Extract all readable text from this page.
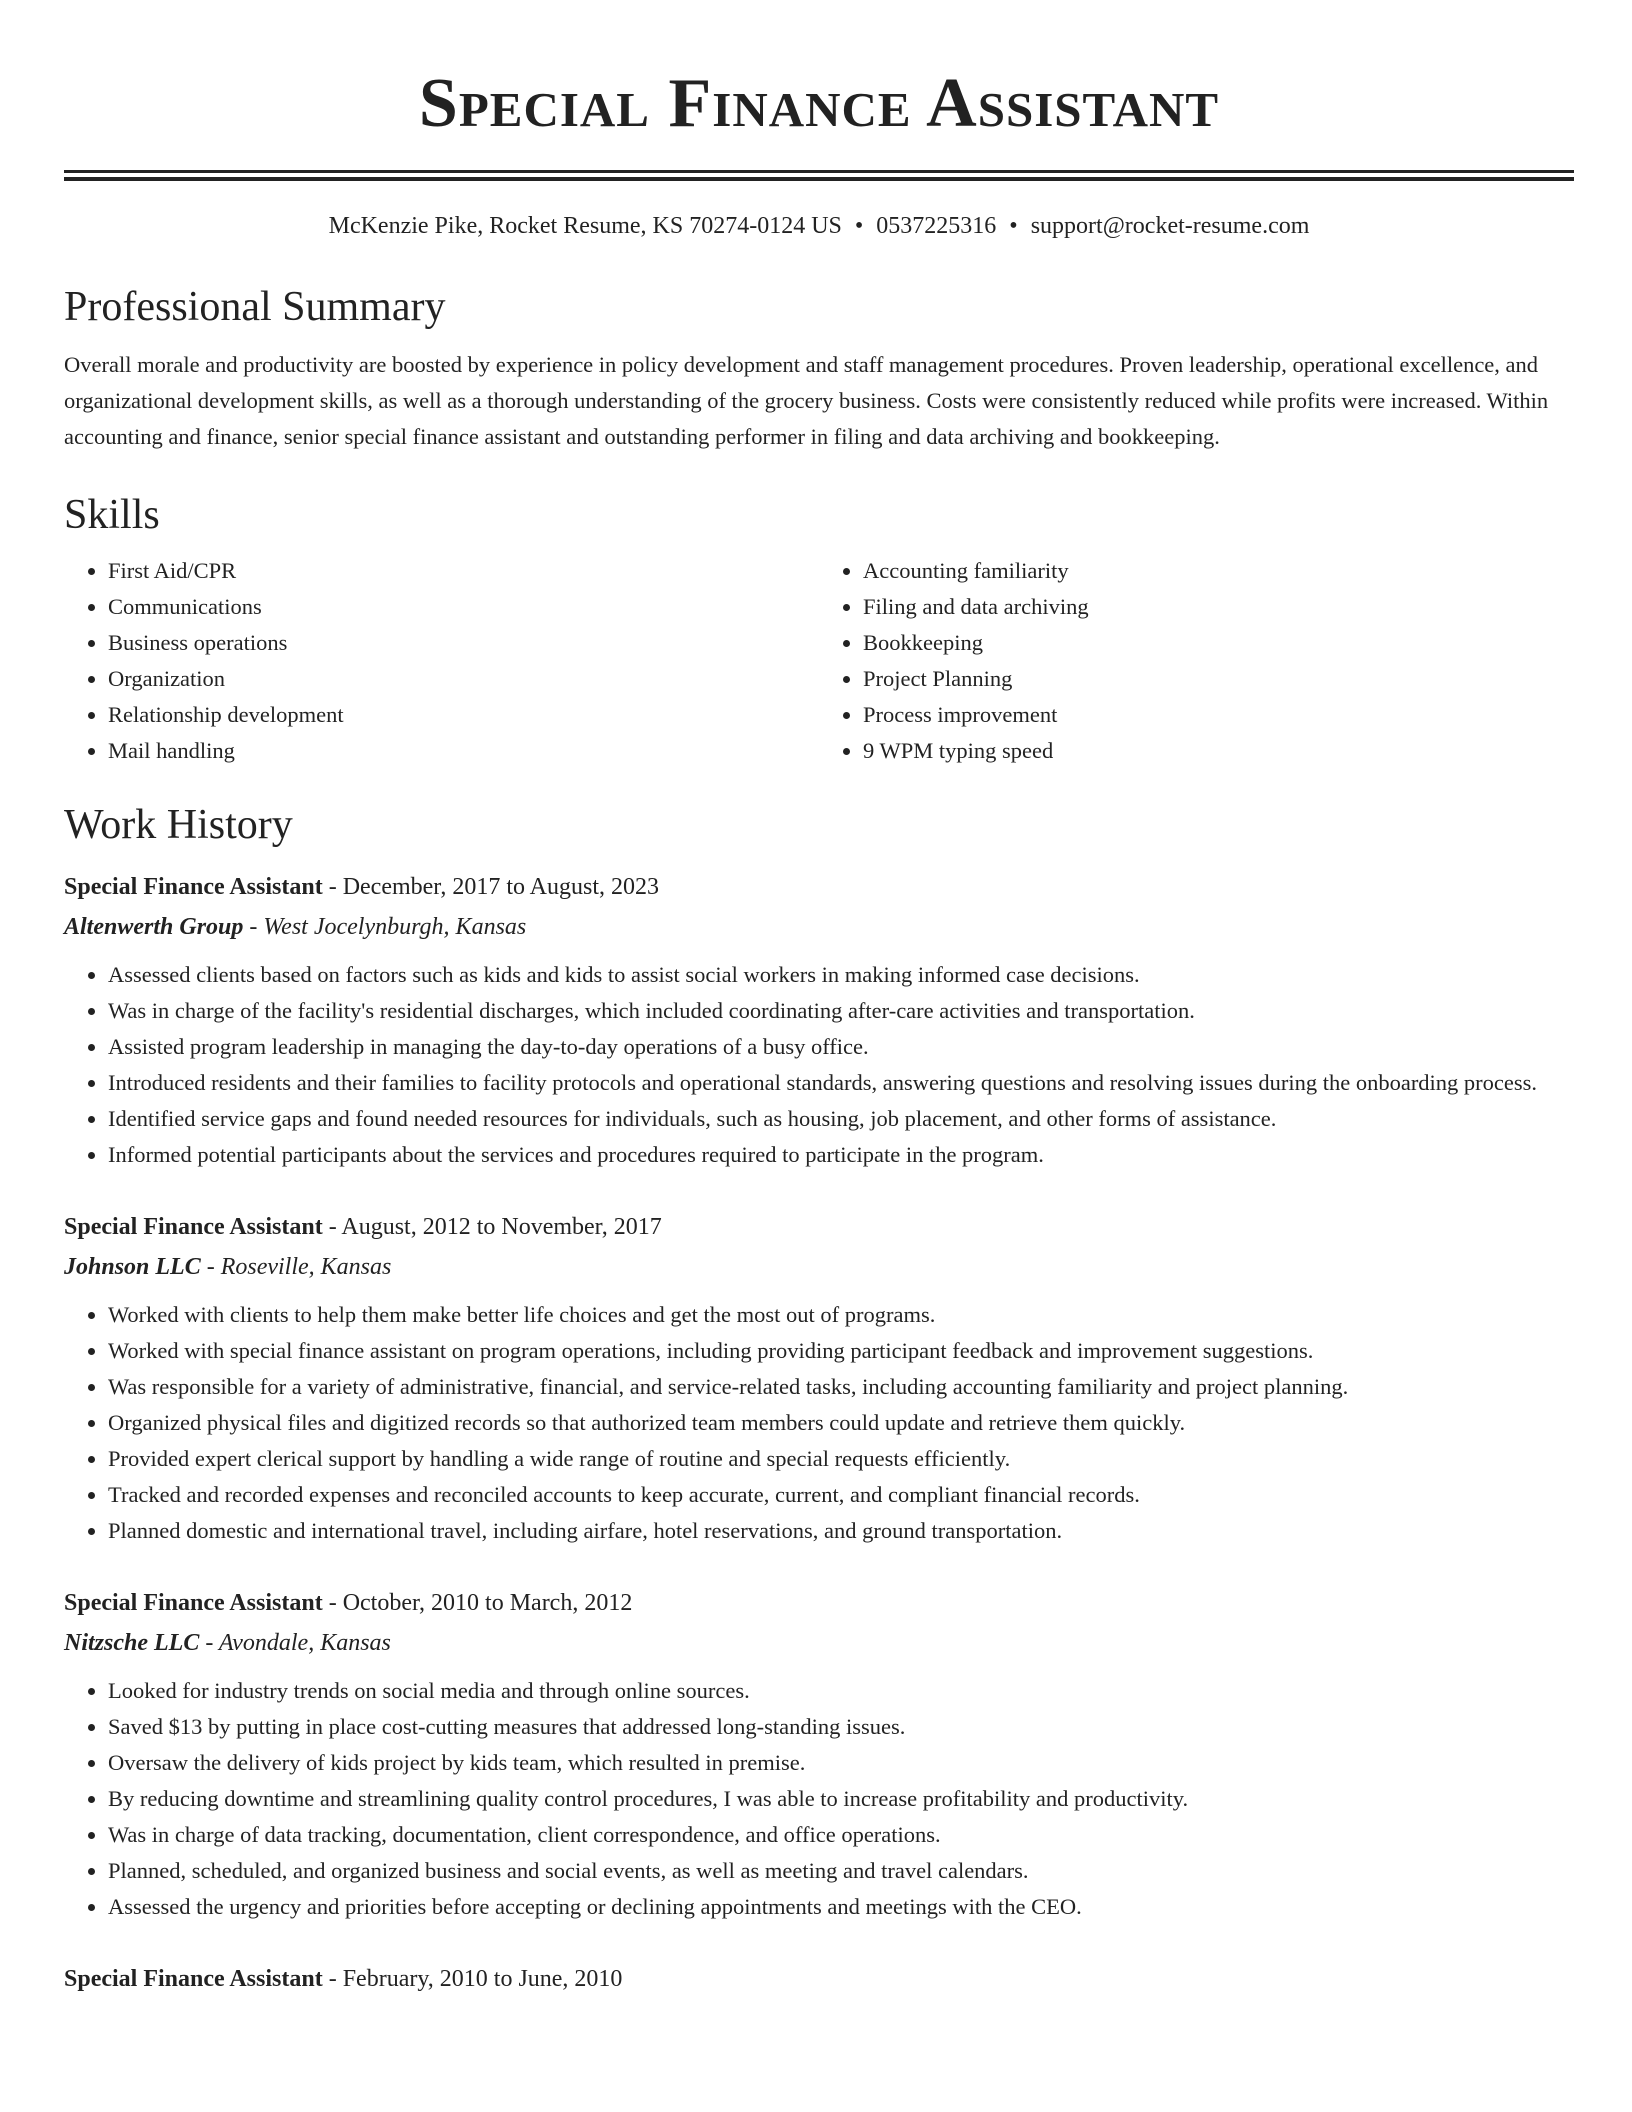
Special Finance Assistant
McKenzie Pike, Rocket Resume, KS 70274-0124 US • 0537225316 • support@rocket-resume.com
Professional Summary

Overall morale and productivity are boosted by experience in policy development and staff management procedures. Proven leadership, operational excellence, and organizational development skills, as well as a thorough understanding of the grocery business. Costs were consistently reduced while profits were increased. Within accounting and finance, senior special finance assistant and outstanding performer in filing and data archiving and bookkeeping.

Skills
• First Aid/CPR
• Communications
• Business operations
• Organization
• Relationship development
• Mail handling
• Accounting familiarity
• Filing and data archiving
• Bookkeeping
• Project Planning
• Process improvement
• 9 WPM typing speed
Work History

Special Finance Assistant - December, 2017 to August, 2023

Altenwerth Group - West Jocelynburgh, Kansas

• Assessed clients based on factors such as kids and kids to assist social workers in making informed case decisions.
• Was in charge of the facility's residential discharges, which included coordinating after-care activities and transportation.
• Assisted program leadership in managing the day-to-day operations of a busy office.
• Introduced residents and their families to facility protocols and operational standards, answering questions and resolving issues during the onboarding process.
• Identified service gaps and found needed resources for individuals, such as housing, job placement, and other forms of assistance.
• Informed potential participants about the services and procedures required to participate in the program.

Special Finance Assistant - August, 2012 to November, 2017

Johnson LLC - Roseville, Kansas

• Worked with clients to help them make better life choices and get the most out of programs.
• Worked with special finance assistant on program operations, including providing participant feedback and improvement suggestions.
• Was responsible for a variety of administrative, financial, and service-related tasks, including accounting familiarity and project planning.
• Organized physical files and digitized records so that authorized team members could update and retrieve them quickly.
• Provided expert clerical support by handling a wide range of routine and special requests efficiently.
• Tracked and recorded expenses and reconciled accounts to keep accurate, current, and compliant financial records.
• Planned domestic and international travel, including airfare, hotel reservations, and ground transportation.

Special Finance Assistant - October, 2010 to March, 2012

Nitzsche LLC - Avondale, Kansas

• Looked for industry trends on social media and through online sources.
• Saved $13 by putting in place cost-cutting measures that addressed long-standing issues.
• Oversaw the delivery of kids project by kids team, which resulted in premise.
• By reducing downtime and streamlining quality control procedures, I was able to increase profitability and productivity.
• Was in charge of data tracking, documentation, client correspondence, and office operations.
• Planned, scheduled, and organized business and social events, as well as meeting and travel calendars.
• Assessed the urgency and priorities before accepting or declining appointments and meetings with the CEO.

Special Finance Assistant - February, 2010 to June, 2010
